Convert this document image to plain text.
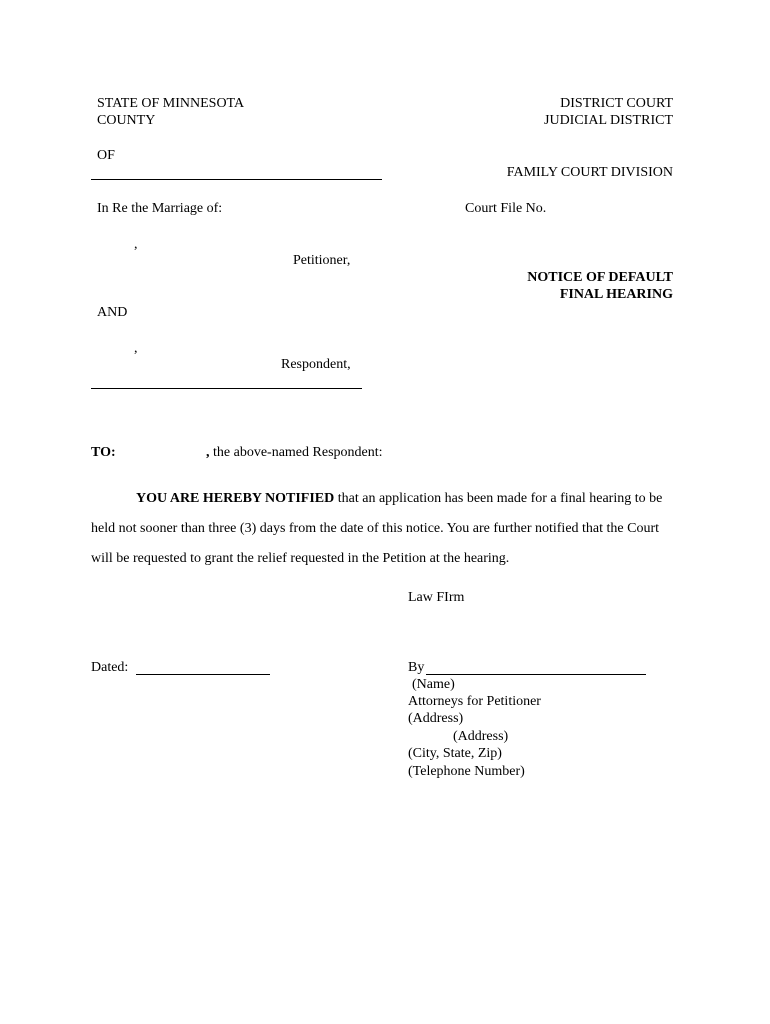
STATE OF MINNESOTA
COUNTY
OF
In Re the Marriage of:
,
Petitioner,
AND
,
Respondent,
DISTRICT COURT
JUDICIAL DISTRICT
FAMILY COURT DIVISION
Court File No.
NOTICE OF DEFAULT
FINAL HEARING
TO:	, the above-named Respondent:
YOU ARE HEREBY NOTIFIED that an application has been made for a final hearing to be held not sooner than three (3) days from the date of this notice. You are further notified that the Court will be requested to grant the relief requested in the Petition at the hearing.
Law FIrm
Dated:	By
(Name)
Attorneys for Petitioner
(Address)
(Address)
(City, State, Zip)
(Telephone Number)
